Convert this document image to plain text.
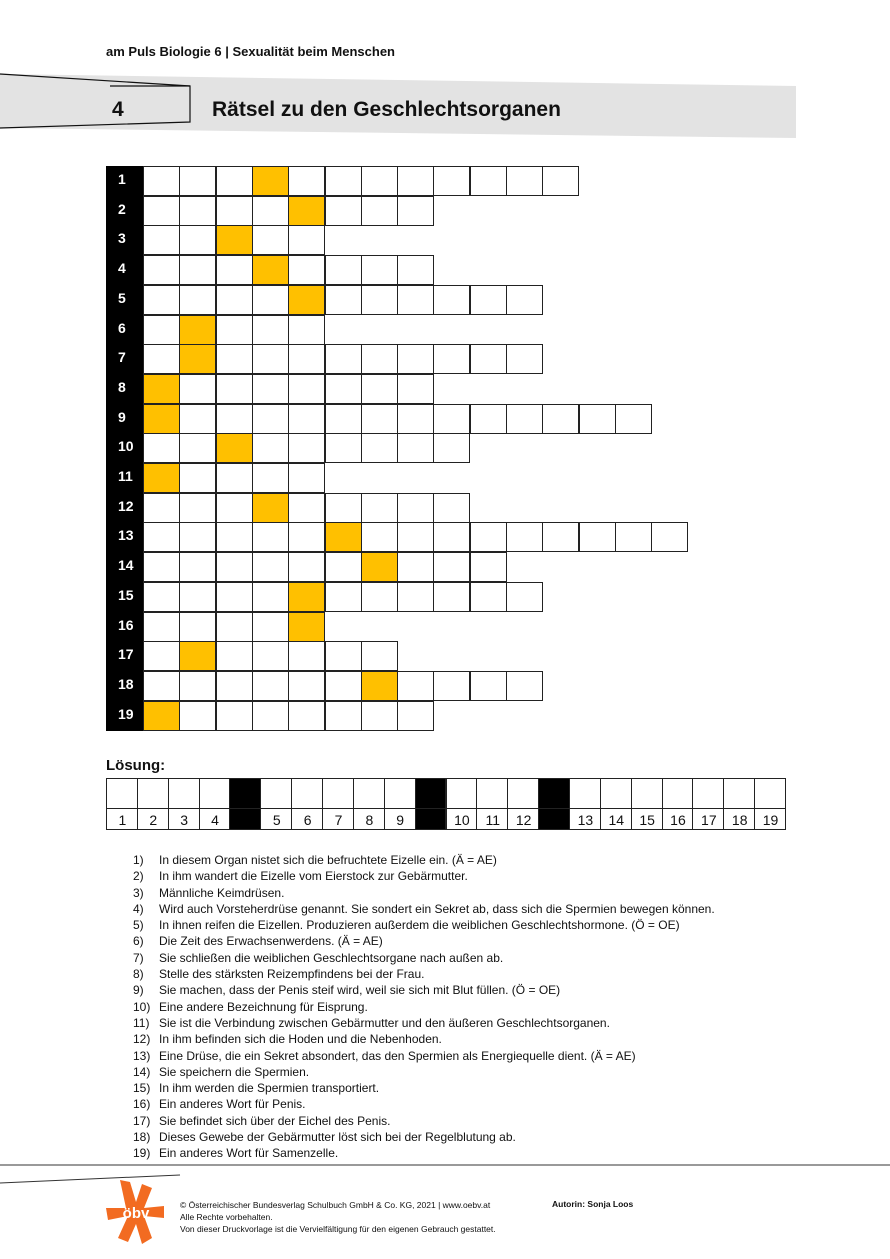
am Puls Biologie 6 | Sexualität beim Menschen
4	Rätsel zu den Geschlechtsorganen
1
2
3
4
5
6
7
8
9
10
11
12
13
14
15
16
17
18
19
Lösung:
1	2	3	4	5	6	7	8	9	10	11	12	13	14	15	16	17	18	19
1) In diesem Organ nistet sich die befruchtete Eizelle ein. (Ä = AE)
2) In ihm wandert die Eizelle vom Eierstock zur Gebärmutter.
3) Männliche Keimdrüsen.
4) Wird auch Vorsteherdrüse genannt. Sie sondert ein Sekret ab, dass sich die Spermien bewegen können.
5) In ihnen reifen die Eizellen. Produzieren außerdem die weiblichen Geschlechtshormone. (Ö = OE)
6) Die Zeit des Erwachsenwerdens. (Ä = AE)
7) Sie schließen die weiblichen Geschlechtsorgane nach außen ab.
8) Stelle des stärksten Reizempfindens bei der Frau.
9) Sie machen, dass der Penis steif wird, weil sie sich mit Blut füllen. (Ö = OE)
10) Eine andere Bezeichnung für Eisprung.
11) Sie ist die Verbindung zwischen Gebärmutter und den äußeren Geschlechtsorganen.
12) In ihm befinden sich die Hoden und die Nebenhoden.
13) Eine Drüse, die ein Sekret absondert, das den Spermien als Energiequelle dient. (Ä = AE)
14) Sie speichern die Spermien.
15) In ihm werden die Spermien transportiert.
16) Ein anderes Wort für Penis.
17) Sie befindet sich über der Eichel des Penis.
18) Dieses Gewebe der Gebärmutter löst sich bei der Regelblutung ab.
19) Ein anderes Wort für Samenzelle.
öbv	© Österreichischer Bundesverlag Schulbuch GmbH & Co. KG, 2021 | www.oebv.at
Alle Rechte vorbehalten.
Von dieser Druckvorlage ist die Vervielfältigung für den eigenen Gebrauch gestattet.
Autorin: Sonja Loos
